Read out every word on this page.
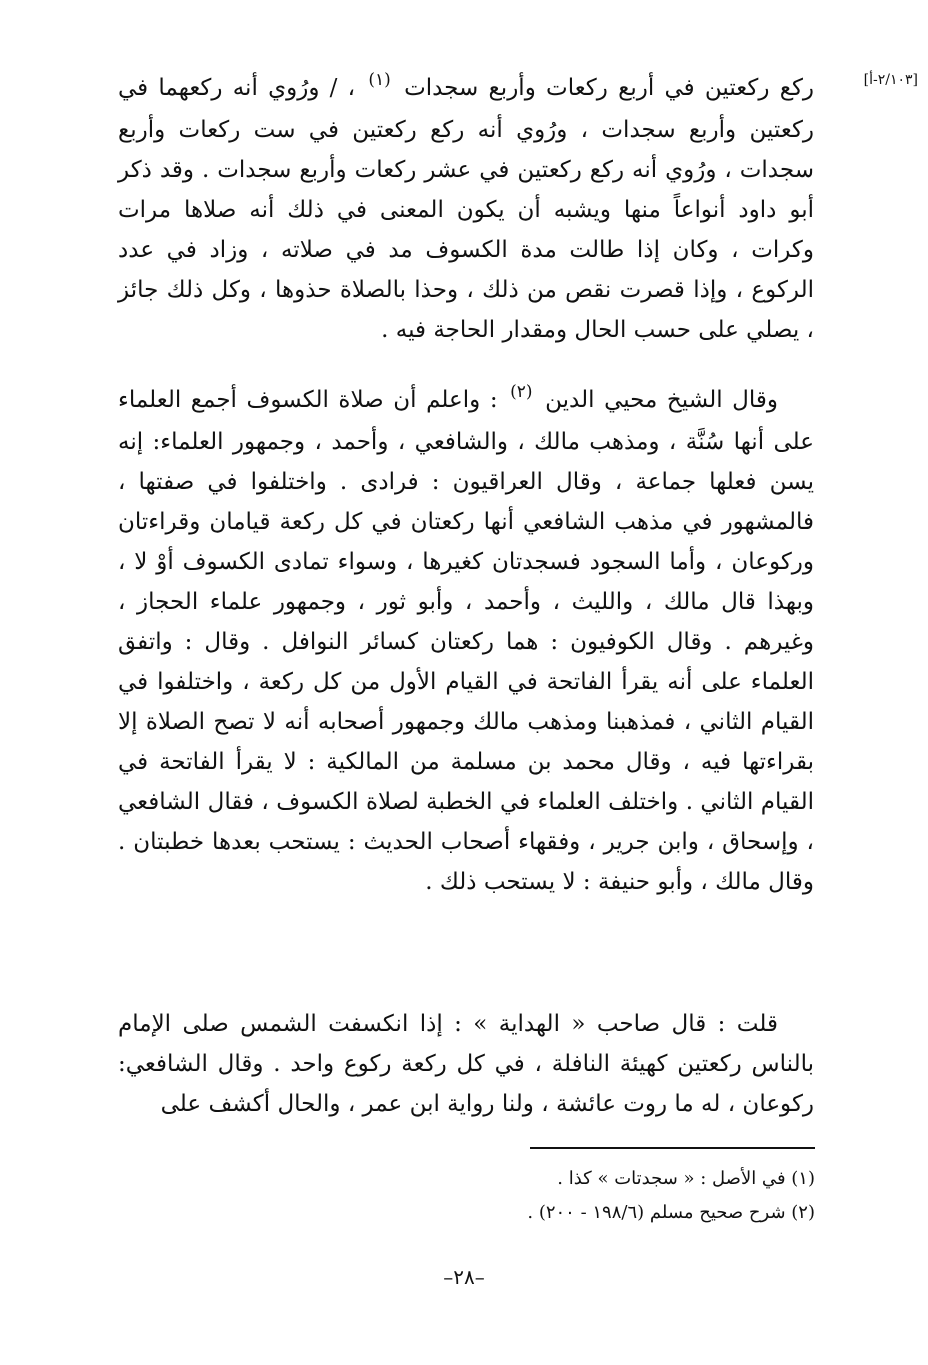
[٢/١٠٣-أ]

ركع ركعتين في أربع ركعات وأربع سجدات $^{(١)}$ ، / ورُوي أنه ركعهما في ركعتين وأربع سجدات ، ورُوي أنه ركع ركعتين في ست ركعات وأربع سجدات ، ورُوي أنه ركع ركعتين في عشر ركعات وأربع سجدات . وقد ذكر أبو داود أنواعاً منها ويشبه أن يكون المعنى في ذلك أنه صلاها مرات وكرات ، وكان إذا طالت مدة الكسوف مد في صلاته ، وزاد في عدد الركوع ، وإذا قصرت نقص من ذلك ، وحذا بالصلاة حذوها ، وكل ذلك جائز ، يصلي على حسب الحال ومقدار الحاجة فيه .

وقال الشيخ محيي الدين $^{(٢)}$ : واعلم أن صلاة الكسوف أجمع العلماء على أنها سُنَّة ، ومذهب مالك ، والشافعي ، وأحمد ، وجمهور العلماء: إنه يسن فعلها جماعة ، وقال العراقيون : فرادى . واختلفوا في صفتها ، فالمشهور في مذهب الشافعي أنها ركعتان في كل ركعة قيامان وقراءتان وركوعان ، وأما السجود فسجدتان كغيرها ، وسواء تمادى الكسوف أوْ لا ، وبهذا قال مالك ، والليث ، وأحمد ، وأبو ثور ، وجمهور علماء الحجاز ، وغيرهم . وقال الكوفيون : هما ركعتان كسائر النوافل . وقال : واتفق العلماء على أنه يقرأ الفاتحة في القيام الأول من كل ركعة ، واختلفوا في القيام الثاني ، فمذهبنا ومذهب مالك وجمهور أصحابه أنه لا تصح الصلاة إلا بقراءتها فيه ، وقال محمد بن مسلمة من المالكية : لا يقرأ الفاتحة في القيام الثاني . واختلف العلماء في الخطبة لصلاة الكسوف ، فقال الشافعي ، وإسحاق ، وابن جرير ، وفقهاء أصحاب الحديث : يستحب بعدها خطبتان . وقال مالك ، وأبو حنيفة : لا يستحب ذلك .

قلت : قال صاحب « الهداية » : إذا انكسفت الشمس صلى الإمام بالناس ركعتين كهيئة النافلة ، في كل ركعة ركوع واحد . وقال الشافعي: ركوعان ، له ما روت عائشة ، ولنا رواية ابن عمر ، والحال أكشف على

(١) في الأصل : « سجدتات » كذا .

(٢) شرح صحيح مسلم (١٩٨/٦ - ٢٠٠) .

–٢٨–
